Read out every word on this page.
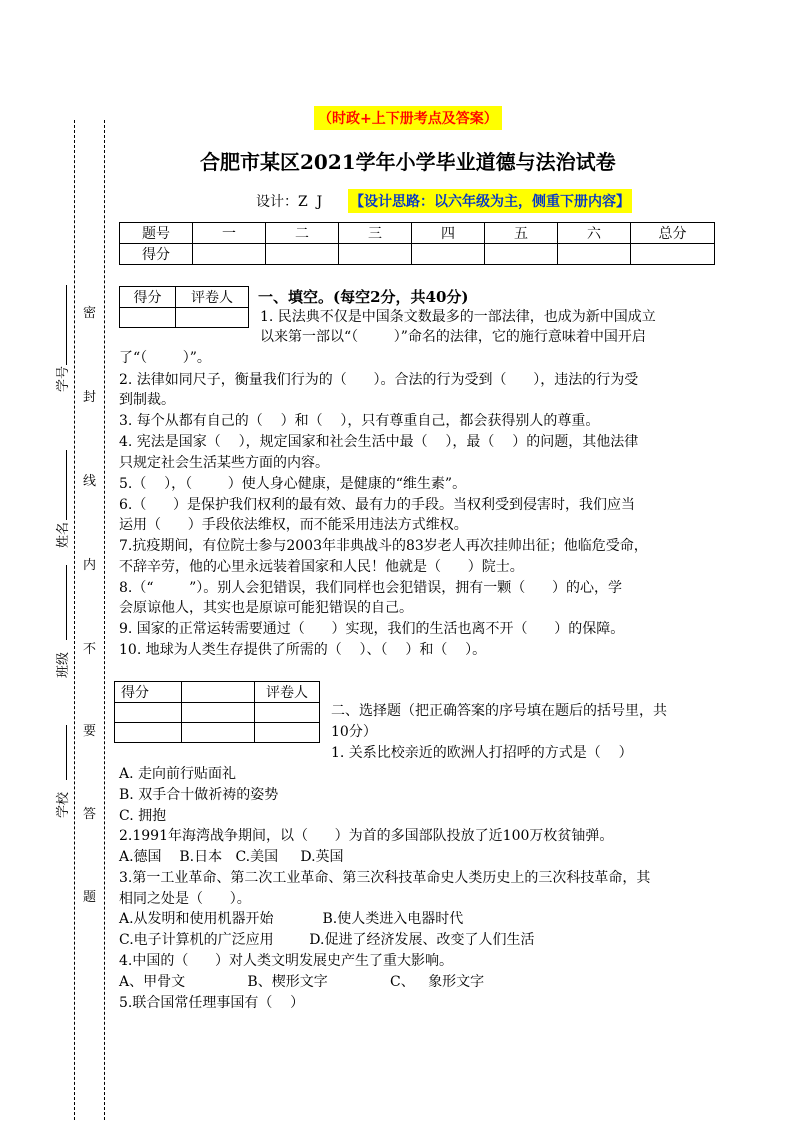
密
封
线
内
不
要
答
题
学号
姓名
班级
学校
（时政+上下册考点及答案）
合肥市某区2021学年小学毕业道德与法治试卷
设计：Z  J 【设计思路：以六年级为主，侧重下册内容】
题号	一	二	三	四	五	六	总分
得分							
得分	评卷人
	一、填空。(每空2分，共40分)
1. 民法典不仅是中国条文数最多的一部法律，也成为新中国成立
以来第一部以“（        ）”命名的法律，它的施行意味着中国开启
了“（        ）”。
2. 法律如同尺子，衡量我们行为的（      ）。合法的行为受到（      ），违法的行为受
到制裁。
3. 每个从都有自己的（    ）和（    ），只有尊重自己，都会获得别人的尊重。
4. 宪法是国家（    ），规定国家和社会生活中最（    ），最（    ）的问题，其他法律
只规定社会生活某些方面的内容。
5.（    ），（        ）使人身心健康，是健康的“维生素”。
6.（      ）是保护我们权利的最有效、最有力的手段。当权利受到侵害时，我们应当
运用（      ）手段依法维权，而不能采用违法方式维权。
7.抗疫期间，有位院士参与2003年非典战斗的83岁老人再次挂帅出征；他临危受命，
不辞辛劳，他的心里永远装着国家和人民！他就是（      ）院士。
8.（“        ”）。别人会犯错误，我们同样也会犯错误，拥有一颗（      ）的心，学
会原谅他人，其实也是原谅可能犯错误的自己。
9. 国家的正常运转需要通过（      ）实现，我们的生活也离不开（      ）的保障。
10. 地球为人类生存提供了所需的（    ）、（    ）和（    ）。
得分		评卷人

二、选择题（把正确答案的序号填在题后的括号里，共
10分）
1. 关系比校亲近的欧洲人打招呼的方式是（    ）
A. 走向前行贴面礼
B. 双手合十做祈祷的姿势
C. 拥抱
2.1991年海湾战争期间，以（      ）为首的多国部队投放了近100万枚贫铀弹。
A.德国    B.日本   C.美国     D.英国
3.第一工业革命、第二次工业革命、第三次科技革命史人类历史上的三次科技革命，其
相同之处是（      ）。
A.从发明和使用机器开始           B.使人类进入电器时代
C.电子计算机的广泛应用        D.促进了经济发展、改变了人们生活
4.中国的（      ）对人类文明发展史产生了重大影响。
A、甲骨文              B、楔形文字              C、   象形文字
5.联合国常任理事国有（    ）
